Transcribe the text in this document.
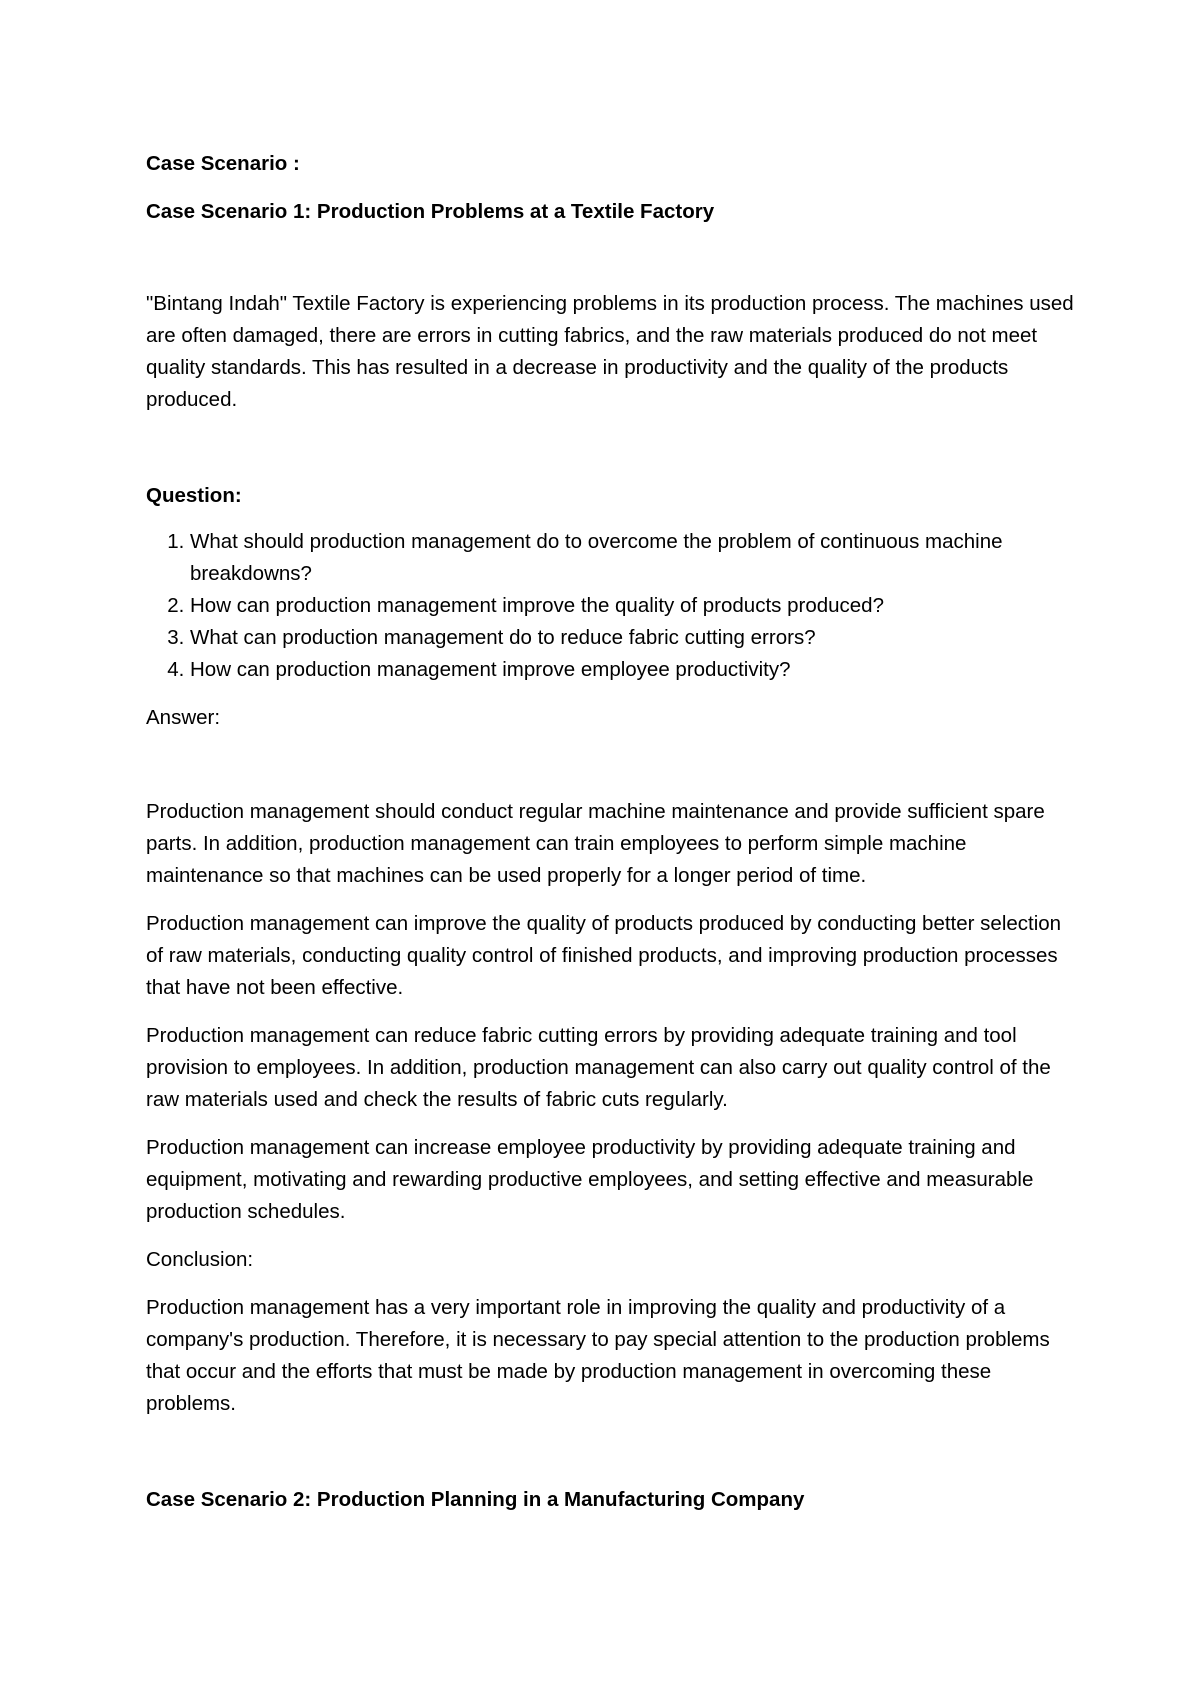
Case Scenario :

Case Scenario 1: Production Problems at a Textile Factory

"Bintang Indah" Textile Factory is experiencing problems in its production process. The machines used are often damaged, there are errors in cutting fabrics, and the raw materials produced do not meet quality standards. This has resulted in a decrease in productivity and the quality of the products produced.

Question:

1. What should production management do to overcome the problem of continuous machine breakdowns?
2. How can production management improve the quality of products produced?
3. What can production management do to reduce fabric cutting errors?
4. How can production management improve employee productivity?

Answer:

Production management should conduct regular machine maintenance and provide sufficient spare parts. In addition, production management can train employees to perform simple machine maintenance so that machines can be used properly for a longer period of time.

Production management can improve the quality of products produced by conducting better selection of raw materials, conducting quality control of finished products, and improving production processes that have not been effective.

Production management can reduce fabric cutting errors by providing adequate training and tool provision to employees. In addition, production management can also carry out quality control of the raw materials used and check the results of fabric cuts regularly.

Production management can increase employee productivity by providing adequate training and equipment, motivating and rewarding productive employees, and setting effective and measurable production schedules.

Conclusion:

Production management has a very important role in improving the quality and productivity of a company's production. Therefore, it is necessary to pay special attention to the production problems that occur and the efforts that must be made by production management in overcoming these problems.

Case Scenario 2: Production Planning in a Manufacturing Company
